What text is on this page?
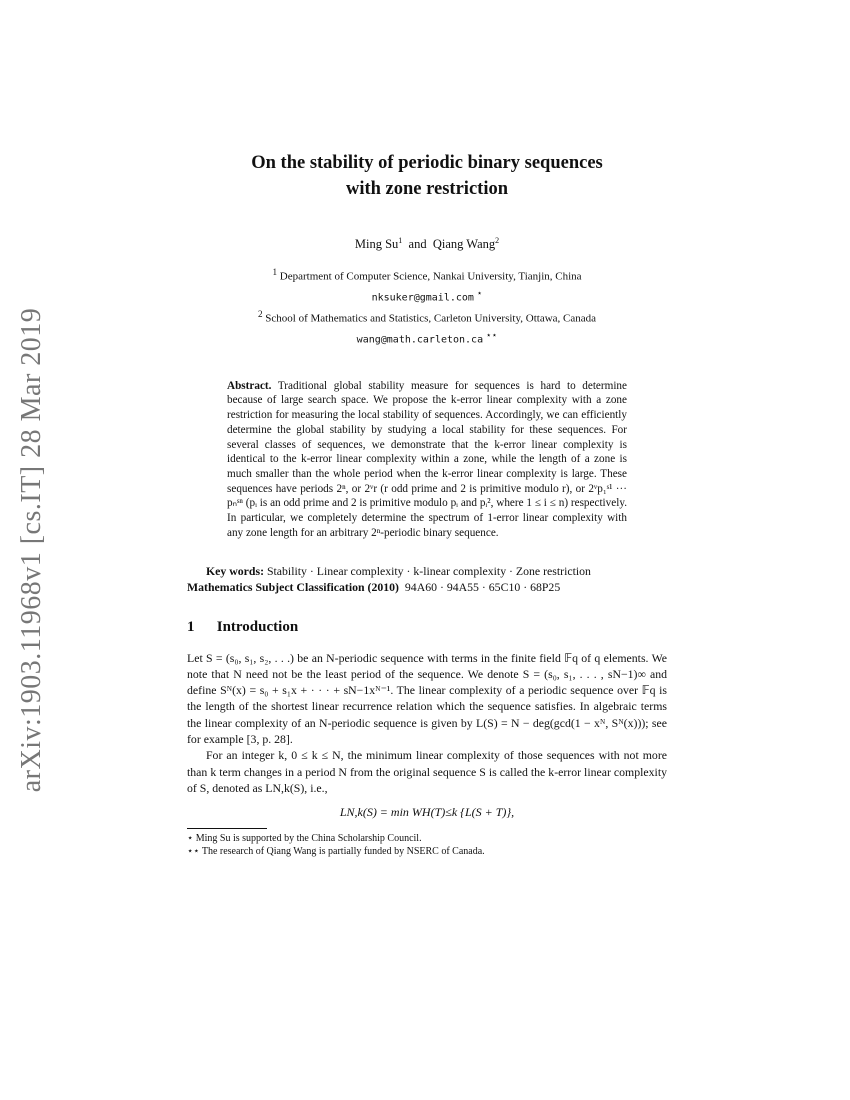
arXiv:1903.11968v1 [cs.IT] 28 Mar 2019
On the stability of periodic binary sequences
with zone restriction
Ming Su$^1$ and Qiang Wang$^2$
$^1$ Department of Computer Science, Nankai University, Tianjin, China
nksuker@gmail.com ⋆
$^2$ School of Mathematics and Statistics, Carleton University, Ottawa, Canada
wang@math.carleton.ca ⋆⋆
Abstract. Traditional global stability measure for sequences is hard to determine because of large search space. We propose the k-error linear complexity with a zone restriction for measuring the local stability of sequences. Accordingly, we can efficiently determine the global stability by studying a local stability for these sequences. For several classes of sequences, we demonstrate that the k-error linear complexity is identical to the k-error linear complexity within a zone, while the length of a zone is much smaller than the whole period when the k-error linear complexity is large. These sequences have periods 2ⁿ, or 2ᵛr (r odd prime and 2 is primitive modulo r), or 2ᵛp₁ˢ¹ ··· pₙˢⁿ (pᵢ is an odd prime and 2 is primitive modulo pᵢ and pᵢ², where 1 ≤ i ≤ n) respectively. In particular, we completely determine the spectrum of 1-error linear complexity with any zone length for an arbitrary 2ⁿ-periodic binary sequence.
Key words: Stability · Linear complexity · k-linear complexity · Zone restriction
Mathematics Subject Classification (2010) 94A60 · 94A55 · 65C10 · 68P25
1 Introduction

Let S = (s₀, s₁, s₂, . . .) be an N-periodic sequence with terms in the finite field 𝔽q of q elements. We note that N need not be the least period of the sequence. We denote S = (s₀, s₁, . . . , sN−1)∞ and define Sᴺ(x) = s₀ + s₁x + · · · + sN−1xᴺ⁻¹. The linear complexity of a periodic sequence over 𝔽q is the length of the shortest linear recurrence relation which the sequence satisfies. In algebraic terms the linear complexity of an N-periodic sequence is given by L(S) = N − deg(gcd(1 − xᴺ, Sᴺ(x))); see for example [3, p. 28].

For an integer k, 0 ≤ k ≤ N, the minimum linear complexity of those sequences with not more than k term changes in a period N from the original sequence S is called the k-error linear complexity of S, denoted as LN,k(S), i.e.,

LN,k(S) = min WH(T)≤k {L(S + T)},
⋆ Ming Su is supported by the China Scholarship Council.
⋆⋆ The research of Qiang Wang is partially funded by NSERC of Canada.
